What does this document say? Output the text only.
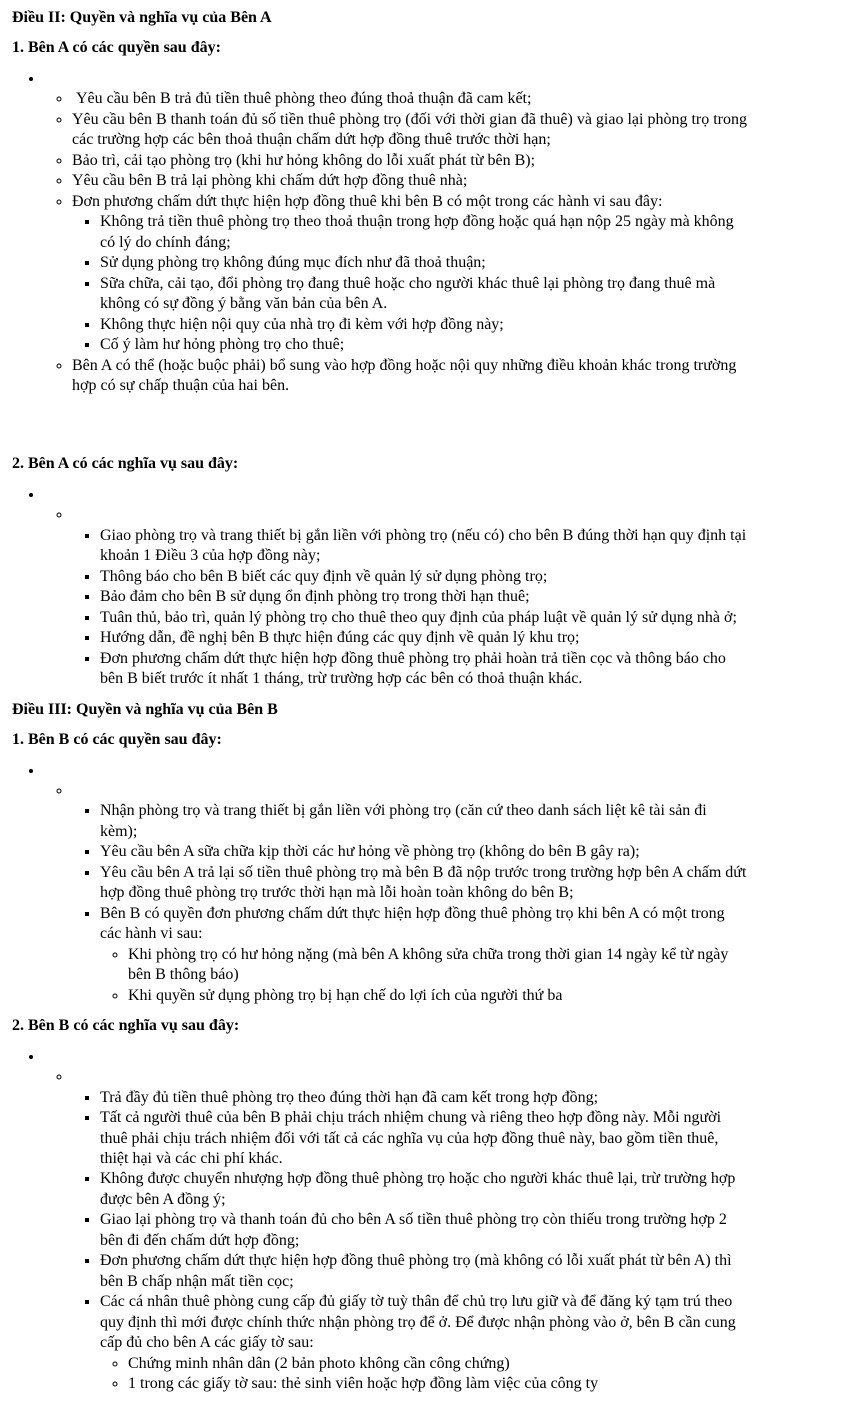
Điều II: Quyền và nghĩa vụ của Bên A
1. Bên A có các quyền sau đây:

◦ •  Yêu cầu bên B trả đủ tiền thuê phòng theo đúng thoả thuận đã cam kết;
◦ Yêu cầu bên B thanh toán đủ số tiền thuê phòng trọ (đối với thời gian đã thuê) và giao lại phòng trọ trong các trường hợp các bên thoả thuận chấm dứt hợp đồng thuê trước thời hạn;
◦ Bảo trì, cải tạo phòng trọ (khi hư hỏng không do lỗi xuất phát từ bên B);
◦ Yêu cầu bên B trả lại phòng khi chấm dứt hợp đồng thuê nhà;
◦ Đơn phương chấm dứt thực hiện hợp đồng thuê khi bên B có một trong các hành vi sau đây:
▪ Không trả tiền thuê phòng trọ theo thoả thuận trong hợp đồng hoặc quá hạn nộp 25 ngày mà không có lý do chính đáng;
▪ Sử dụng phòng trọ không đúng mục đích như đã thoả thuận;
▪ Sữa chữa, cải tạo, đổi phòng trọ đang thuê hoặc cho người khác thuê lại phòng trọ đang thuê mà không có sự đồng ý bằng văn bản của bên A.
▪ Không thực hiện nội quy của nhà trọ đi kèm với hợp đồng này;
▪ Cố ý làm hư hỏng phòng trọ cho thuê;
◦ Bên A có thể (hoặc buộc phải) bổ sung vào hợp đồng hoặc nội quy những điều khoản khác trong trường hợp có sự chấp thuận của hai bên.
2. Bên A có các nghĩa vụ sau đây:

▪ ◦ • Giao phòng trọ và trang thiết bị gắn liền với phòng trọ (nếu có) cho bên B đúng thời hạn quy định tại khoản 1 Điều 3 của hợp đồng này;
▪ Thông báo cho bên B biết các quy định về quản lý sử dụng phòng trọ;
▪ Bảo đảm cho bên B sử dụng ổn định phòng trọ trong thời hạn thuê;
▪ Tuân thủ, bảo trì, quản lý phòng trọ cho thuê theo quy định của pháp luật về quản lý sử dụng nhà ở;
▪ Hướng dẫn, đề nghị bên B thực hiện đúng các quy định về quản lý khu trọ;
▪ Đơn phương chấm dứt thực hiện hợp đồng thuê phòng trọ phải hoàn trả tiền cọc và thông báo cho bên B biết trước ít nhất 1 tháng, trừ trường hợp các bên có thoả thuận khác.
Điều III: Quyền và nghĩa vụ của Bên B
1. Bên B có các quyền sau đây:

▪ ◦ • Nhận phòng trọ và trang thiết bị gắn liền với phòng trọ (căn cứ theo danh sách liệt kê tài sản đi kèm);
▪ Yêu cầu bên A sữa chữa kịp thời các hư hỏng về phòng trọ (không do bên B gây ra);
▪ Yêu cầu bên A trả lại số tiền thuê phòng trọ mà bên B đã nộp trước trong trường hợp bên A chấm dứt hợp đồng thuê phòng trọ trước thời hạn mà lỗi hoàn toàn không do bên B;
▪ Bên B có quyền đơn phương chấm dứt thực hiện hợp đồng thuê phòng trọ khi bên A có một trong các hành vi sau:
◦ Khi phòng trọ có hư hỏng nặng (mà bên A không sửa chữa trong thời gian 14 ngày kể từ ngày bên B thông báo)
◦ Khi quyền sử dụng phòng trọ bị hạn chế do lợi ích của người thứ ba
2. Bên B có các nghĩa vụ sau đây:

▪ ◦ • Trả đầy đủ tiền thuê phòng trọ theo đúng thời hạn đã cam kết trong hợp đồng;
▪ Tất cả người thuê của bên B phải chịu trách nhiệm chung và riêng theo hợp đồng này. Mỗi người thuê phải chịu trách nhiệm đối với tất cả các nghĩa vụ của hợp đồng thuê này, bao gồm tiền thuê, thiệt hại và các chi phí khác.
▪ Không được chuyển nhượng hợp đồng thuê phòng trọ hoặc cho người khác thuê lại, trừ trường hợp được bên A đồng ý;
▪ Giao lại phòng trọ và thanh toán đủ cho bên A số tiền thuê phòng trọ còn thiếu trong trường hợp 2 bên đi đến chấm dứt hợp đồng;
▪ Đơn phương chấm dứt thực hiện hợp đồng thuê phòng trọ (mà không có lỗi xuất phát từ bên A) thì bên B chấp nhận mất tiền cọc;
▪ Các cá nhân thuê phòng cung cấp đủ giấy tờ tuỳ thân để chủ trọ lưu giữ và để đăng ký tạm trú theo quy định thì mới được chính thức nhận phòng trọ để ở. Để được nhận phòng vào ở, bên B cần cung cấp đủ cho bên A các giấy tờ sau:
◦ Chứng minh nhân dân (2 bản photo không cần công chứng)
◦ 1 trong các giấy tờ sau: thẻ sinh viên hoặc hợp đồng làm việc của công ty
